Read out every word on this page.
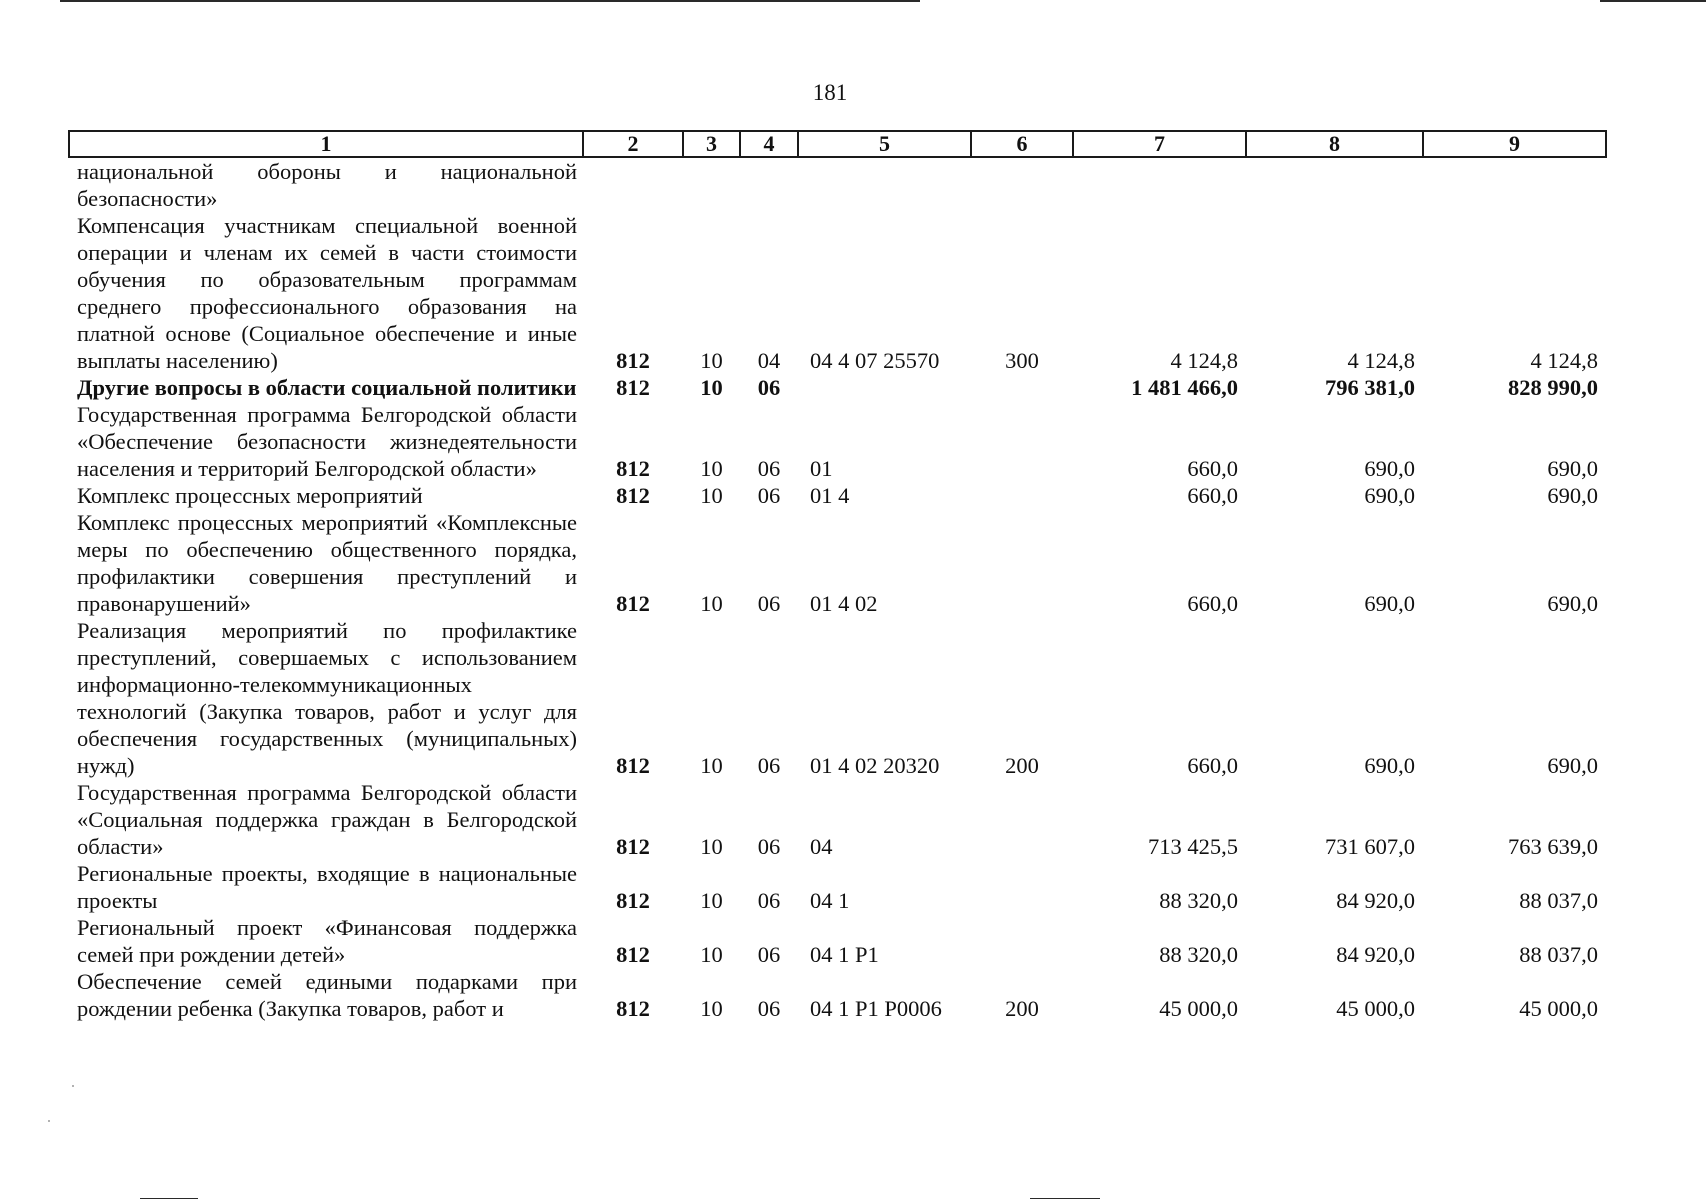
181
1	2	3	4	5	6	7	8	9
национальной обороны и национальной безопасности»								
Компенсация участникам специальной военной операции и членам их семей в части стоимости обучения по образовательным программам среднего профессионального образования на платной основе (Социальное обеспечение и иные выплаты населению)	812	10	04	04 4 07 25570	300	4 124,8	4 124,8	4 124,8
Другие вопросы в области социальной политики	812	10	06			1 481 466,0	796 381,0	828 990,0
Государственная программа Белгородской области «Обеспечение безопасности жизнедеятельности населения и территорий Белгородской области»	812	10	06	01		660,0	690,0	690,0
Комплекс процессных мероприятий	812	10	06	01 4		660,0	690,0	690,0
Комплекс процессных мероприятий «Комплексные меры по обеспечению общественного порядка, профилактики совершения преступлений и правонарушений»	812	10	06	01 4 02		660,0	690,0	690,0
Реализация мероприятий по профилактике преступлений, совершаемых с использованием информационно-телекоммуникационных технологий (Закупка товаров, работ и услуг для обеспечения государственных (муниципальных) нужд)	812	10	06	01 4 02 20320	200	660,0	690,0	690,0
Государственная программа Белгородской области «Социальная поддержка граждан в Белгородской области»	812	10	06	04		713 425,5	731 607,0	763 639,0
Региональные проекты, входящие в национальные проекты	812	10	06	04 1		88 320,0	84 920,0	88 037,0
Региональный проект «Финансовая поддержка семей при рождении детей»	812	10	06	04 1 Р1		88 320,0	84 920,0	88 037,0
Обеспечение семей едиными подарками при рождении ребенка (Закупка товаров, работ и	812	10	06	04 1 Р1 Р0006	200	45 000,0	45 000,0	45 000,0
